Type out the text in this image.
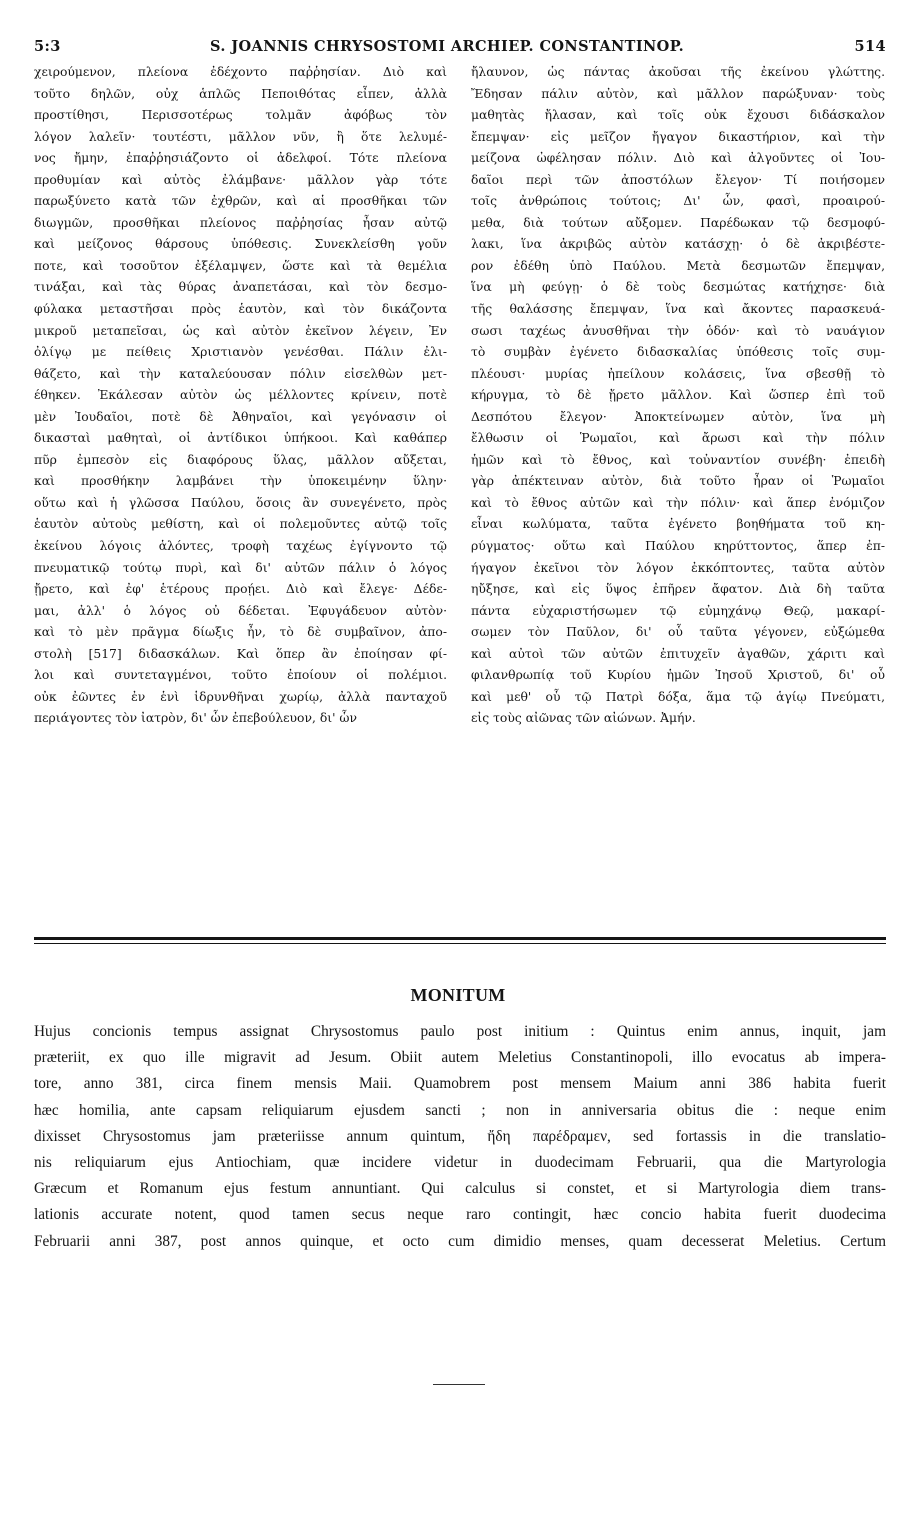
5:3	S. JOANNIS CHRYSOSTOMI ARCHIEP. CONSTANTINOP.	514
χειρούμενον, πλείονα ἐδέχοντο παῤῥησίαν. Διὸ καὶ
τοῦτο δηλῶν, οὐχ ἁπλῶς Πεποιθότας εἶπεν, ἀλλὰ
προστίθησι, Περισσοτέρως τολμᾶν ἀφόβως τὸν
λόγον λαλεῖν· τουτέστι, μᾶλλον νῦν, ἢ ὅτε λελυμέ-
νος ἤμην, ἐπαῤῥησιάζοντο οἱ ἀδελφοί. Τότε πλείονα
προθυμίαν καὶ αὐτὸς ἐλάμβανε· μᾶλλον γὰρ τότε
παρωξύνετο κατὰ τῶν ἐχθρῶν, καὶ αἱ προσθῆκαι τῶν
διωγμῶν, προσθῆκαι πλείονος παῤῥησίας ἦσαν αὐτῷ
καὶ μείζονος θάρσους ὑπόθεσις. Συνεκλείσθη γοῦν
ποτε, καὶ τοσοῦτον ἐξέλαμψεν, ὥστε καὶ τὰ θεμέλια
τινάξαι, καὶ τὰς θύρας ἀναπετάσαι, καὶ τὸν δεσμο-
φύλακα μεταστῆσαι πρὸς ἑαυτὸν, καὶ τὸν δικάζοντα
μικροῦ μεταπεῖσαι, ὡς καὶ αὐτὸν ἐκεῖνον λέγειν, Ἐν
ὀλίγῳ με πείθεις Χριστιανὸν γενέσθαι. Πάλιν ἐλι-
θάζετο, καὶ τὴν καταλεύουσαν πόλιν εἰσελθὼν μετ-
έθηκεν. Ἐκάλεσαν αὐτὸν ὡς μέλλοντες κρίνειν, ποτὲ
μὲν Ἰουδαῖοι, ποτὲ δὲ Ἀθηναῖοι, καὶ γεγόνασιν οἱ
δικασταὶ μαθηταὶ, οἱ ἀντίδικοι ὑπήκοοι. Καὶ καθάπερ
πῦρ ἐμπεσὸν εἰς διαφόρους ὕλας, μᾶλλον αὔξεται,
καὶ προσθήκην λαμβάνει τὴν ὑποκειμένην ὕλην·
οὕτω καὶ ἡ γλῶσσα Παύλου, ὅσοις ἂν συνεγένετο, πρὸς
ἑαυτὸν αὐτοὺς μεθίστη, καὶ οἱ πολεμοῦντες αὐτῷ τοῖς
ἐκείνου λόγοις ἁλόντες, τροφὴ ταχέως ἐγίγνοντο τῷ
πνευματικῷ τούτῳ πυρὶ, καὶ δι' αὐτῶν πάλιν ὁ λόγος
ᾔρετο, καὶ ἐφ' ἑτέρους προῄει. Διὸ καὶ ἔλεγε· Δέδε-
μαι, ἀλλ' ὁ λόγος οὐ δέδεται. Ἐφυγάδευον αὐτὸν·
καὶ τὸ μὲν πρᾶγμα δίωξις ἦν, τὸ δὲ συμβαῖνον, ἀπο-
στολὴ [517] διδασκάλων. Καὶ ὅπερ ἂν ἐποίησαν φί-
λοι καὶ συντεταγμένοι, τοῦτο ἐποίουν οἱ πολέμιοι.
οὐκ ἐῶντες ἐν ἑνὶ ἱδρυνθῆναι χωρίῳ, ἀλλὰ πανταχοῦ
περιάγοντες τὸν ἰατρὸν, δι' ὧν ἐπεβούλευον, δι' ὧν
ἤλαυνον, ὡς πάντας ἀκοῦσαι τῆς ἐκείνου γλώττης.
Ἔδησαν πάλιν αὐτὸν, καὶ μᾶλλον παρώξυναν· τοὺς
μαθητὰς ἤλασαν, καὶ τοῖς οὐκ ἔχουσι διδάσκαλον
ἔπεμψαν· εἰς μεῖζον ἤγαγον δικαστήριον, καὶ τὴν
μείζονα ὠφέλησαν πόλιν. Διὸ καὶ ἀλγοῦντες οἱ Ἰου-
δαῖοι περὶ τῶν ἀποστόλων ἔλεγον· Τί ποιήσομεν
τοῖς ἀνθρώποις τούτοις; Δι' ὧν, φασὶ, προαιρού-
μεθα, διὰ τούτων αὔξομεν. Παρέδωκαν τῷ δεσμοφύ-
λακι, ἵνα ἀκριβῶς αὐτὸν κατάσχῃ· ὁ δὲ ἀκριβέστε-
ρον ἐδέθη ὑπὸ Παύλου. Μετὰ δεσμωτῶν ἔπεμψαν,
ἵνα μὴ φεύγῃ· ὁ δὲ τοὺς δεσμώτας κατήχησε· διὰ
τῆς θαλάσσης ἔπεμψαν, ἵνα καὶ ἄκοντες παρασκευά-
σωσι ταχέως ἀνυσθῆναι τὴν ὁδόν· καὶ τὸ ναυάγιον
τὸ συμβὰν ἐγένετο διδασκαλίας ὑπόθεσις τοῖς συμ-
πλέουσι· μυρίας ἠπείλουν κολάσεις, ἵνα σβεσθῇ τὸ
κήρυγμα, τὸ δὲ ᾔρετο μᾶλλον. Καὶ ὥσπερ ἐπὶ τοῦ
Δεσπότου ἔλεγον· Ἀποκτείνωμεν αὐτὸν, ἵνα μὴ
ἔλθωσιν οἱ Ῥωμαῖοι, καὶ ἄρωσι καὶ τὴν πόλιν
ἡμῶν καὶ τὸ ἔθνος, καὶ τοὐναντίον συνέβη· ἐπειδὴ
γὰρ ἀπέκτειναν αὐτὸν, διὰ τοῦτο ἦραν οἱ Ῥωμαῖοι
καὶ τὸ ἔθνος αὐτῶν καὶ τὴν πόλιν· καὶ ἅπερ ἐνόμιζον
εἶναι κωλύματα, ταῦτα ἐγένετο βοηθήματα τοῦ κη-
ρύγματος· οὕτω καὶ Παύλου κηρύττοντος, ἅπερ ἐπ-
ήγαγον ἐκεῖνοι τὸν λόγον ἐκκόπτοντες, ταῦτα αὐτὸν
ηὔξησε, καὶ εἰς ὕψος ἐπῆρεν ἄφατον. Διὰ δὴ ταῦτα
πάντα εὐχαριστήσωμεν τῷ εὐμηχάνῳ Θεῷ, μακαρί-
σωμεν τὸν Παῦλον, δι' οὗ ταῦτα γέγονεν, εὐξώμεθα
καὶ αὐτοὶ τῶν αὐτῶν ἐπιτυχεῖν ἀγαθῶν, χάριτι καὶ
φιλανθρωπίᾳ τοῦ Κυρίου ἡμῶν Ἰησοῦ Χριστοῦ, δι' οὗ
καὶ μεθ' οὗ τῷ Πατρὶ δόξα, ἅμα τῷ ἁγίῳ Πνεύματι,
εἰς τοὺς αἰῶνας τῶν αἰώνων. Ἀμήν.
MONITUM
Hujus concionis tempus assignat Chrysostomus paulo post initium : Quintus enim annus, inquit, jam
præteriit, ex quo ille migravit ad Jesum. Obiit autem Meletius Constantinopoli, illo evocatus ab impera-
tore, anno 381, circa finem mensis Maii. Quamobrem post mensem Maium anni 386 habita fuerit
hæc homilia, ante capsam reliquiarum ejusdem sancti ; non in anniversaria obitus die : neque enim
dixisset Chrysostomus jam præteriisse annum quintum, ἤδη παρέδραμεν, sed fortassis in die translatio-
nis reliquiarum ejus Antiochiam, quæ incidere videtur in duodecimam Februarii, qua die Martyrologia
Græcum et Romanum ejus festum annuntiant. Qui calculus si constet, et si Martyrologia diem trans-
lationis accurate notent, quod tamen secus neque raro contingit, hæc concio habita fuerit duodecima
Februarii anni 387, post annos quinque, et octo cum dimidio menses, quam decesserat Meletius. Certum
